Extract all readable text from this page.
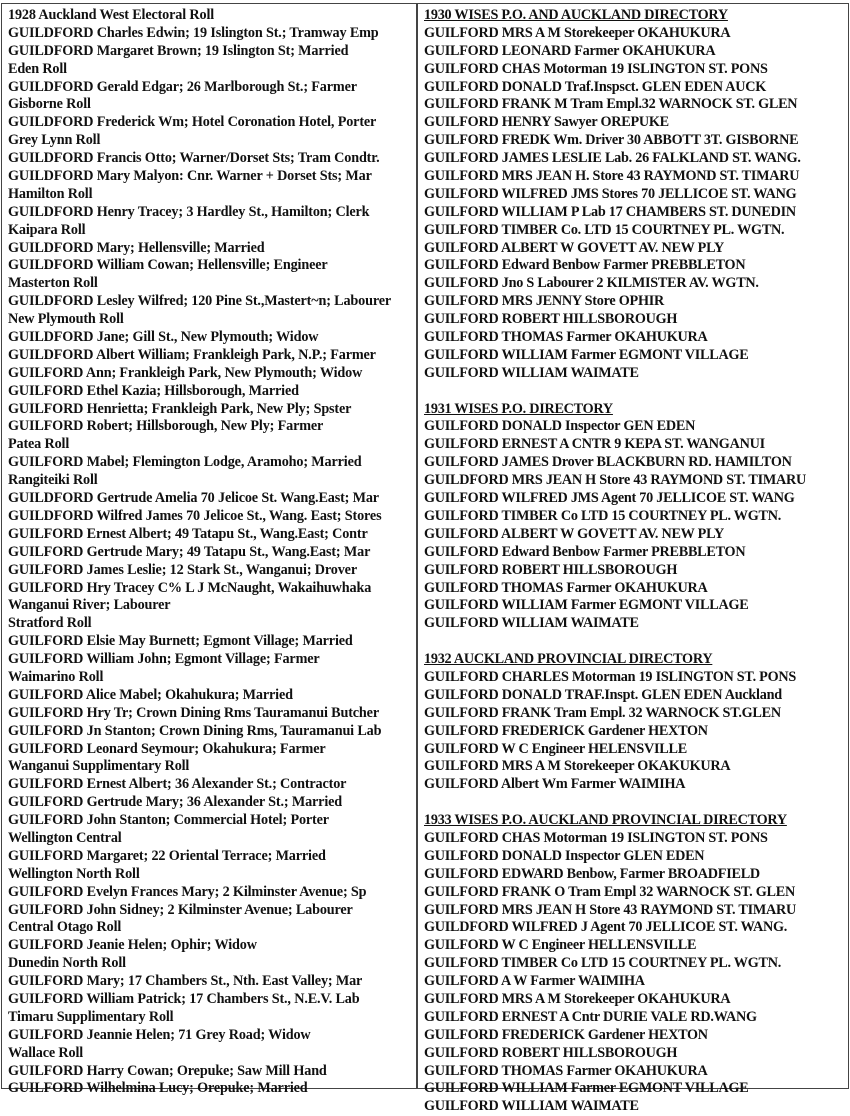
1928 Auckland West Electoral Roll
GUILDFORD Charles Edwin; 19 Islington St.; Tramway Emp
GUILDFORD Margaret Brown; 19 Islington St; Married
Eden Roll
GUILDFORD Gerald Edgar; 26 Marlborough St.; Farmer
Gisborne Roll
GUILDFORD Frederick Wm; Hotel Coronation Hotel, Porter
Grey Lynn Roll
GUILDFORD Francis Otto; Warner/Dorset Sts; Tram Condtr.
GUILDFORD Mary Malyon: Cnr. Warner + Dorset Sts; Mar
Hamilton Roll
GUILDFORD Henry Tracey; 3 Hardley St., Hamilton; Clerk
Kaipara Roll
GUILDFORD Mary; Hellensville; Married
GUILDFORD William Cowan; Hellensville; Engineer
Masterton Roll
GUILDFORD Lesley Wilfred; 120 Pine St.,Mastert~n; Labourer
New Plymouth Roll
GUILDFORD Jane; Gill St., New Plymouth; Widow
GUILDFORD Albert William; Frankleigh Park, N.P.; Farmer
GUILFORD Ann; Frankleigh Park, New Plymouth; Widow
GUILFORD Ethel Kazia; Hillsborough, Married
GUILFORD Henrietta; Frankleigh Park, New Ply; Spster
GUILFORD Robert; Hillsborough, New Ply; Farmer
Patea Roll
GUILFORD Mabel; Flemington Lodge, Aramoho; Married
Rangiteiki Roll
GUILDFORD Gertrude Amelia 70 Jelicoe St. Wang.East; Mar
GUILDFORD Wilfred James 70 Jelicoe St., Wang. East; Stores
GUILFORD Ernest Albert; 49 Tatapu St., Wang.East; Contr
GUILFORD Gertrude Mary; 49 Tatapu St., Wang.East; Mar
GUILFORD James Leslie; 12 Stark St., Wanganui; Drover
GUILFORD Hry Tracey C% L J McNaught, Wakaihuwhaka
Wanganui River; Labourer
Stratford Roll
GUILFORD Elsie May Burnett; Egmont Village; Married
GUILFORD William John; Egmont Village; Farmer
Waimarino Roll
GUILFORD Alice Mabel; Okahukura; Married
GUILFORD Hry Tr; Crown Dining Rms Tauramanui Butcher
GUILFORD Jn Stanton; Crown Dining Rms, Tauramanui Lab
GUILFORD Leonard Seymour; Okahukura; Farmer
Wanganui Supplimentary Roll
GUILFORD Ernest Albert; 36 Alexander St.; Contractor
GUILFORD Gertrude Mary; 36 Alexander St.; Married
GUILFORD John Stanton; Commercial Hotel; Porter
Wellington Central
GUILFORD Margaret; 22 Oriental Terrace; Married
Wellington North Roll
GUILFORD Evelyn Frances Mary; 2 Kilminster Avenue; Sp
GUILFORD John Sidney; 2 Kilminster Avenue; Labourer
Central Otago Roll
GUILFORD Jeanie Helen; Ophir; Widow
Dunedin North Roll
GUILFORD Mary; 17 Chambers St., Nth. East Valley; Mar
GUILFORD William Patrick; 17 Chambers St., N.E.V. Lab
Timaru Supplimentary Roll
GUILFORD Jeannie Helen; 71 Grey Road; Widow
Wallace Roll
GUILFORD Harry Cowan; Orepuke; Saw Mill Hand
GUILFORD Wilhelmina Lucy; Orepuke; Married
1930 WISES P.O. AND AUCKLAND DIRECTORY
GUILFORD MRS A M Storekeeper OKAHUKURA
GUILFORD LEONARD Farmer OKAHUKURA
GUILFORD CHAS Motorman 19 ISLINGTON ST. PONS
GUILFORD DONALD Traf.Inspsct. GLEN EDEN AUCK
GUILFORD FRANK M Tram Empl.32 WARNOCK ST. GLEN
GUILFORD HENRY Sawyer OREPUKE
GUILFORD FREDK Wm. Driver 30 ABBOTT 3T. GISBORNE
GUILFORD JAMES LESLIE Lab. 26 FALKLAND ST. WANG.
GUILFORD MRS JEAN H. Store 43 RAYMOND ST. TIMARU
GUILFORD WILFRED JMS Stores 70 JELLICOE ST. WANG
GUILFORD WILLIAM P Lab 17 CHAMBERS ST. DUNEDIN
GUILFORD TIMBER Co. LTD 15 COURTNEY PL. WGTN.
GUILFORD ALBERT W GOVETT AV. NEW PLY
GUILFORD Edward Benbow Farmer PREBBLETON
GUILFORD Jno S Labourer 2 KILMISTER AV. WGTN.
GUILFORD MRS JENNY Store OPHIR
GUILFORD ROBERT HILLSBOROUGH
GUILFORD THOMAS Farmer OKAHUKURA
GUILFORD WILLIAM Farmer EGMONT VILLAGE
GUILFORD WILLIAM WAIMATE
1931 WISES P.O. DIRECTORY
GUILFORD DONALD Inspector GEN EDEN
GUILFORD ERNEST A CNTR 9 KEPA ST. WANGANUI
GUILFORD JAMES Drover BLACKBURN RD. HAMILTON
GUILDFORD MRS JEAN H Store 43 RAYMOND ST. TIMARU
GUILFORD WILFRED JMS Agent 70 JELLICOE ST. WANG
GUILFORD TIMBER Co LTD 15 COURTNEY PL. WGTN.
GUILFORD ALBERT W GOVETT AV. NEW PLY
GUILFORD Edward Benbow Farmer PREBBLETON
GUILFORD ROBERT HILLSBOROUGH
GUILFORD THOMAS Farmer OKAHUKURA
GUILFORD WILLIAM Farmer EGMONT VILLAGE
GUILFORD WILLIAM WAIMATE
1932 AUCKLAND PROVINCIAL DIRECTORY
GUILFORD CHARLES Motorman 19 ISLINGTON ST. PONS
GUILFORD DONALD TRAF.Inspt. GLEN EDEN Auckland
GUILFORD FRANK Tram Empl. 32 WARNOCK ST.GLEN
GUILFORD FREDERICK Gardener HEXTON
GUILFORD W C Engineer HELENSVILLE
GUILFORD MRS A M Storekeeper OKAKUKURA
GUILFORD Albert Wm Farmer WAIMIHA
1933 WISES P.O. AUCKLAND PROVINCIAL DIRECTORY
GUILFORD CHAS Motorman 19 ISLINGTON ST. PONS
GUILFORD DONALD Inspector GLEN EDEN
GUILFORD EDWARD Benbow, Farmer BROADFIELD
GUILFORD FRANK O Tram Empl 32 WARNOCK ST. GLEN
GUILFORD MRS JEAN H Store 43 RAYMOND ST. TIMARU
GUILDFORD WILFRED J Agent 70 JELLICOE ST. WANG.
GUILFORD W C Engineer HELLENSVILLE
GUILFORD TIMBER Co LTD 15 COURTNEY PL. WGTN.
GUILFORD A W Farmer WAIMIHA
GUILFORD MRS A M Storekeeper OKAHUKURA
GUILFORD ERNEST A Cntr DURIE VALE RD.WANG
GUILFORD FREDERICK Gardener HEXTON
GUILFORD ROBERT HILLSBOROUGH
GUILFORD THOMAS Farmer OKAHUKURA
GUILFORD WILLIAM Farmer EGMONT VILLAGE
GUILFORD WILLIAM WAIMATE
